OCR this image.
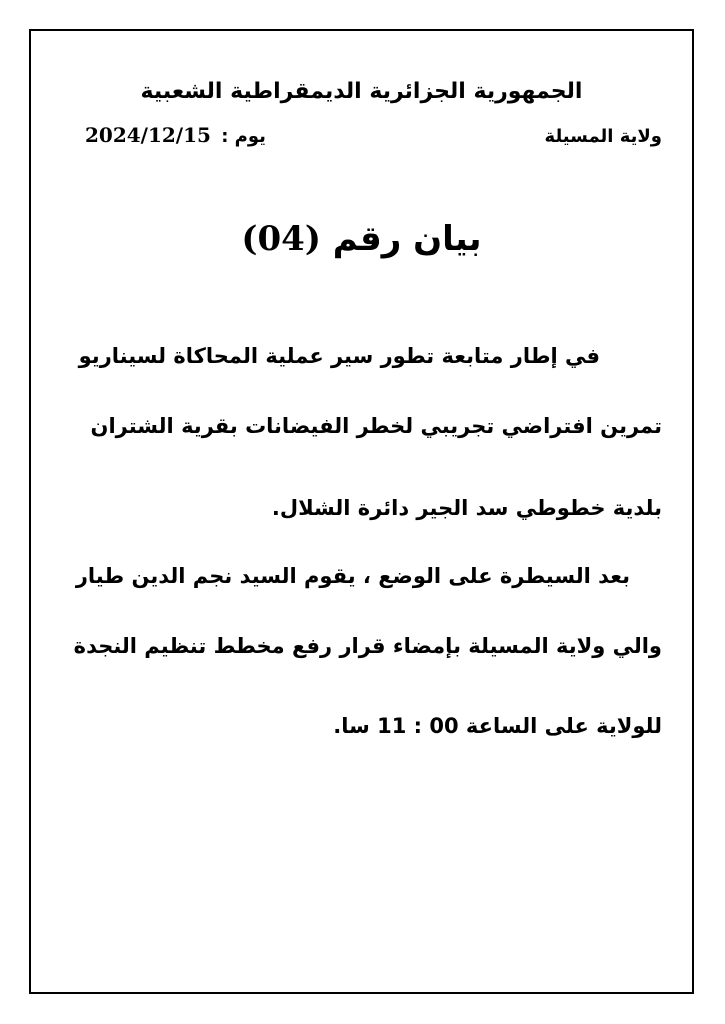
الجمهورية الجزائرية الديمقراطية الشعبية
ولاية المسيلة
يوم : 2024/12/15
بيان رقم (04)
في إطار متابعة تطور سير عملية المحاكاة لسيناريو
تمرين افتراضي تجريبي لخطر الفيضانات بقرية الشتران
بلدية خطوطي سد الجير دائرة الشلال.
بعد السيطرة على الوضع ، يقوم السيد نجم الدين طيار
والي ولاية المسيلة بإمضاء قرار رفع مخطط تنظيم النجدة
للولاية على الساعة 00 : 11 سا.
